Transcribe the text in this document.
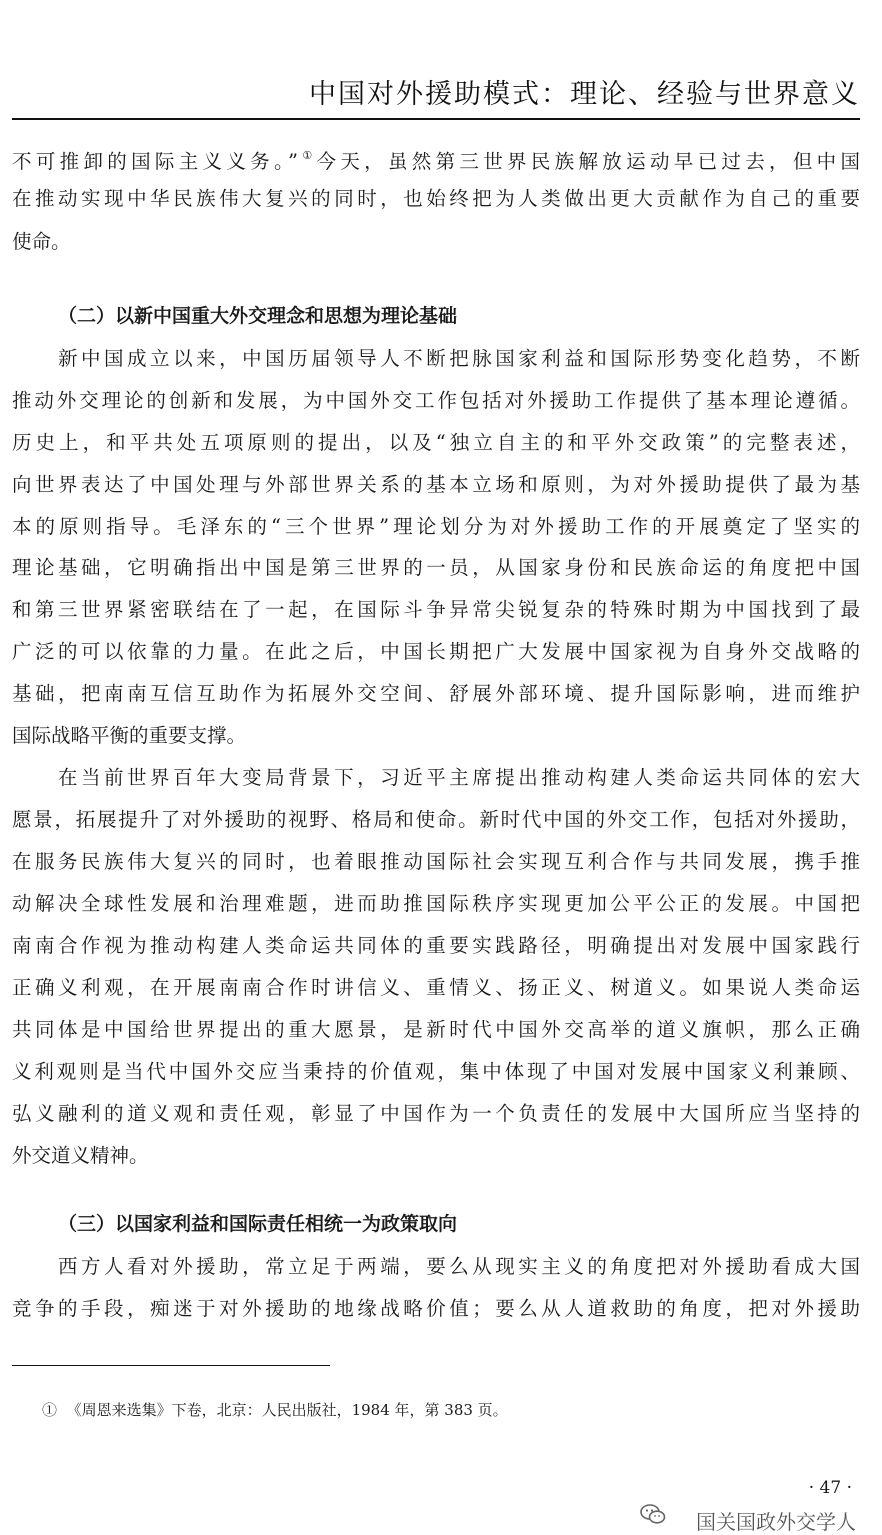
中国对外援助模式：理论、经验与世界意义
不可推卸的国际主义义务。”①今天，虽然第三世界民族解放运动早已过去，但中国
在推动实现中华民族伟大复兴的同时，也始终把为人类做出更大贡献作为自己的重要
使命。
（二）以新中国重大外交理念和思想为理论基础
新中国成立以来，中国历届领导人不断把脉国家利益和国际形势变化趋势，不断
推动外交理论的创新和发展，为中国外交工作包括对外援助工作提供了基本理论遵循。
历史上，和平共处五项原则的提出，以及“独立自主的和平外交政策”的完整表述，
向世界表达了中国处理与外部世界关系的基本立场和原则，为对外援助提供了最为基
本的原则指导。毛泽东的“三个世界”理论划分为对外援助工作的开展奠定了坚实的
理论基础，它明确指出中国是第三世界的一员，从国家身份和民族命运的角度把中国
和第三世界紧密联结在了一起，在国际斗争异常尖锐复杂的特殊时期为中国找到了最
广泛的可以依靠的力量。在此之后，中国长期把广大发展中国家视为自身外交战略的
基础，把南南互信互助作为拓展外交空间、舒展外部环境、提升国际影响，进而维护
国际战略平衡的重要支撑。
在当前世界百年大变局背景下，习近平主席提出推动构建人类命运共同体的宏大
愿景，拓展提升了对外援助的视野、格局和使命。新时代中国的外交工作，包括对外援助，
在服务民族伟大复兴的同时，也着眼推动国际社会实现互利合作与共同发展，携手推
动解决全球性发展和治理难题，进而助推国际秩序实现更加公平公正的发展。中国把
南南合作视为推动构建人类命运共同体的重要实践路径，明确提出对发展中国家践行
正确义利观，在开展南南合作时讲信义、重情义、扬正义、树道义。如果说人类命运
共同体是中国给世界提出的重大愿景，是新时代中国外交高举的道义旗帜，那么正确
义利观则是当代中国外交应当秉持的价值观，集中体现了中国对发展中国家义利兼顾、
弘义融利的道义观和责任观，彰显了中国作为一个负责任的发展中大国所应当坚持的
外交道义精神。
（三）以国家利益和国际责任相统一为政策取向
西方人看对外援助，常立足于两端，要么从现实主义的角度把对外援助看成大国
竞争的手段，痴迷于对外援助的地缘战略价值；要么从人道救助的角度，把对外援助
① 《周恩来选集》下卷，北京：人民出版社，1984 年，第 383 页。
· 47 ·
国关国政外交学人
